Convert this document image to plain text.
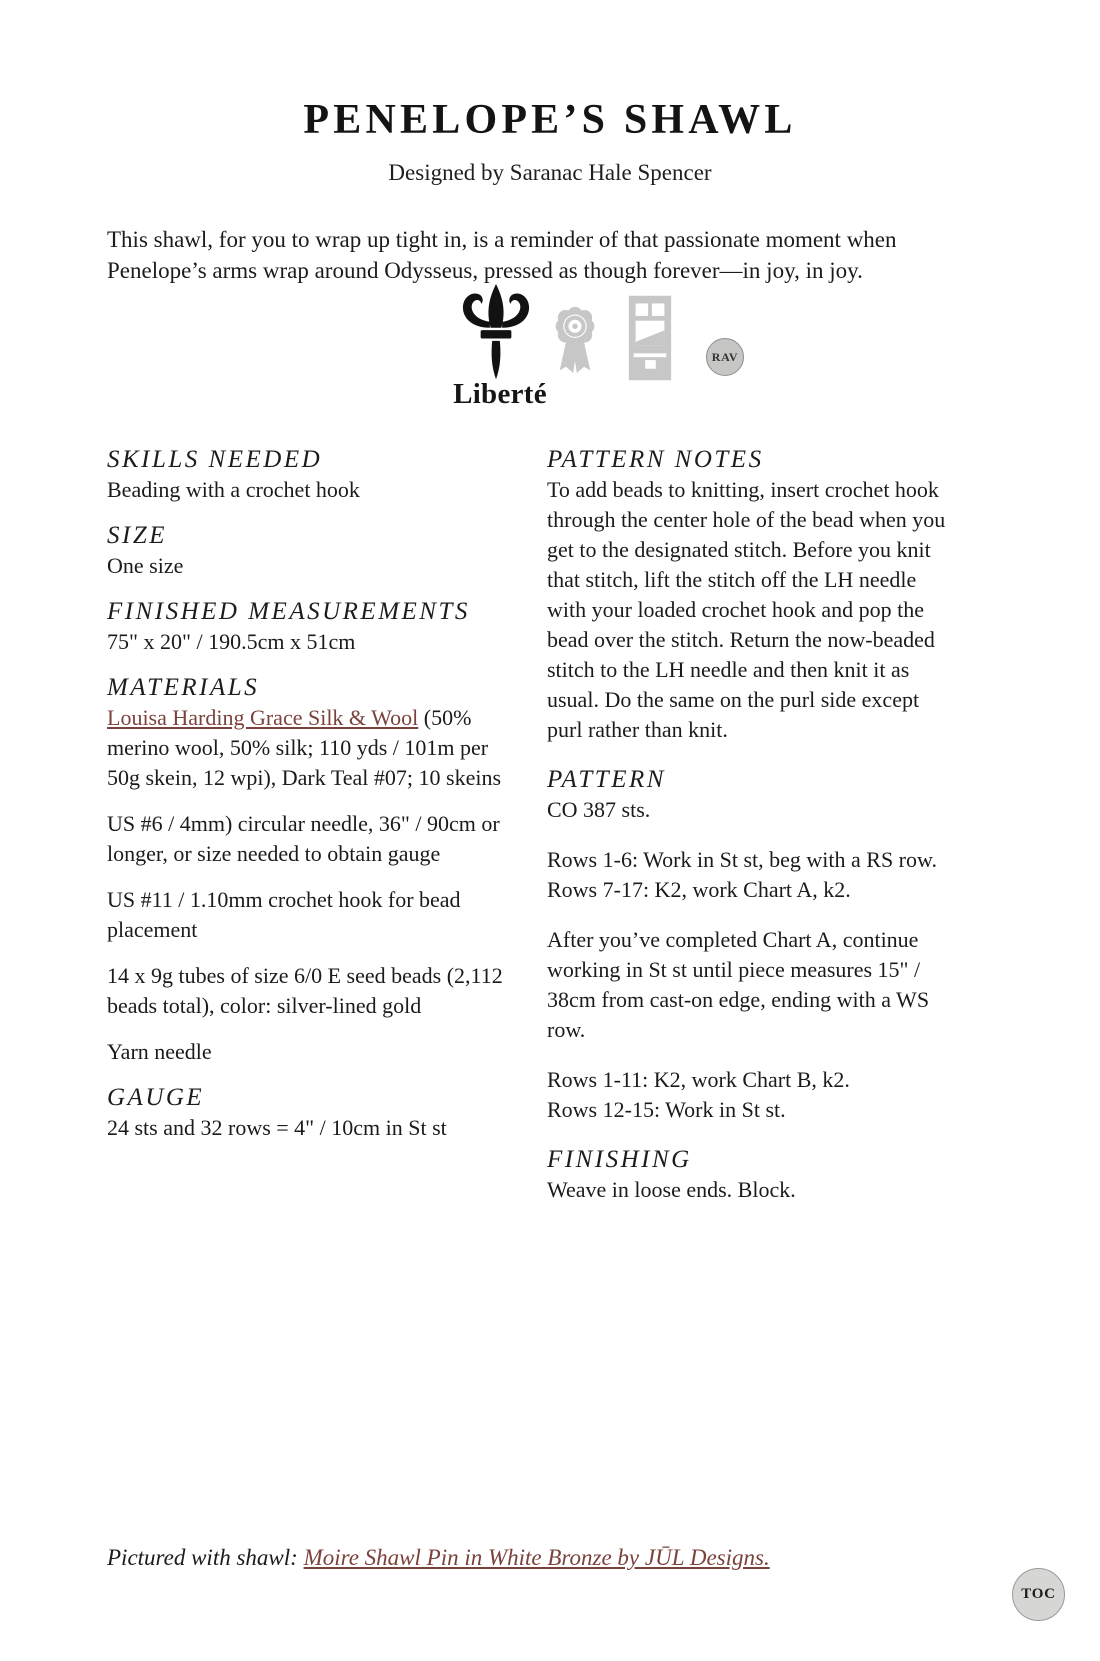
PENELOPE’S SHAWL
Designed by Saranac Hale Spencer

This shawl, for you to wrap up tight in, is a reminder of that passionate moment when Penelope’s arms wrap around Odysseus, pressed as though forever—in joy, in joy.

Liberté
RAV
SKILLS NEEDED

Beading with a crochet hook

SIZE

One size

FINISHED MEASUREMENTS

75" x 20" / 190.5cm x 51cm

MATERIALS

Louisa Harding Grace Silk & Wool (50% merino wool, 50% silk; 110 yds / 101m per 50g skein, 12 wpi), Dark Teal #07; 10 skeins

US #6 / 4mm) circular needle, 36" / 90cm or longer, or size needed to obtain gauge

US #11 / 1.10mm crochet hook for bead placement

14 x 9g tubes of size 6/0 E seed beads (2,112 beads total), color: silver-lined gold

Yarn needle

GAUGE

24 sts and 32 rows = 4" / 10cm in St st

PATTERN NOTES

To add beads to knitting, insert crochet hook through the center hole of the bead when you get to the designated stitch. Before you knit that stitch, lift the stitch off the LH needle with your loaded crochet hook and pop the bead over the stitch. Return the now-beaded stitch to the LH needle and then knit it as usual. Do the same on the purl side except purl rather than knit.

PATTERN

CO 387 sts.

Rows 1-6: Work in St st, beg with a RS row.
Rows 7-17: K2, work Chart A, k2.

After you’ve completed Chart A, continue working in St st until piece measures 15" / 38cm from cast-on edge, ending with a WS row.

Rows 1-11: K2, work Chart B, k2.
Rows 12-15: Work in St st.

FINISHING

Weave in loose ends. Block.

Pictured with shawl: Moire Shawl Pin in White Bronze by JŪL Designs.
TOC
